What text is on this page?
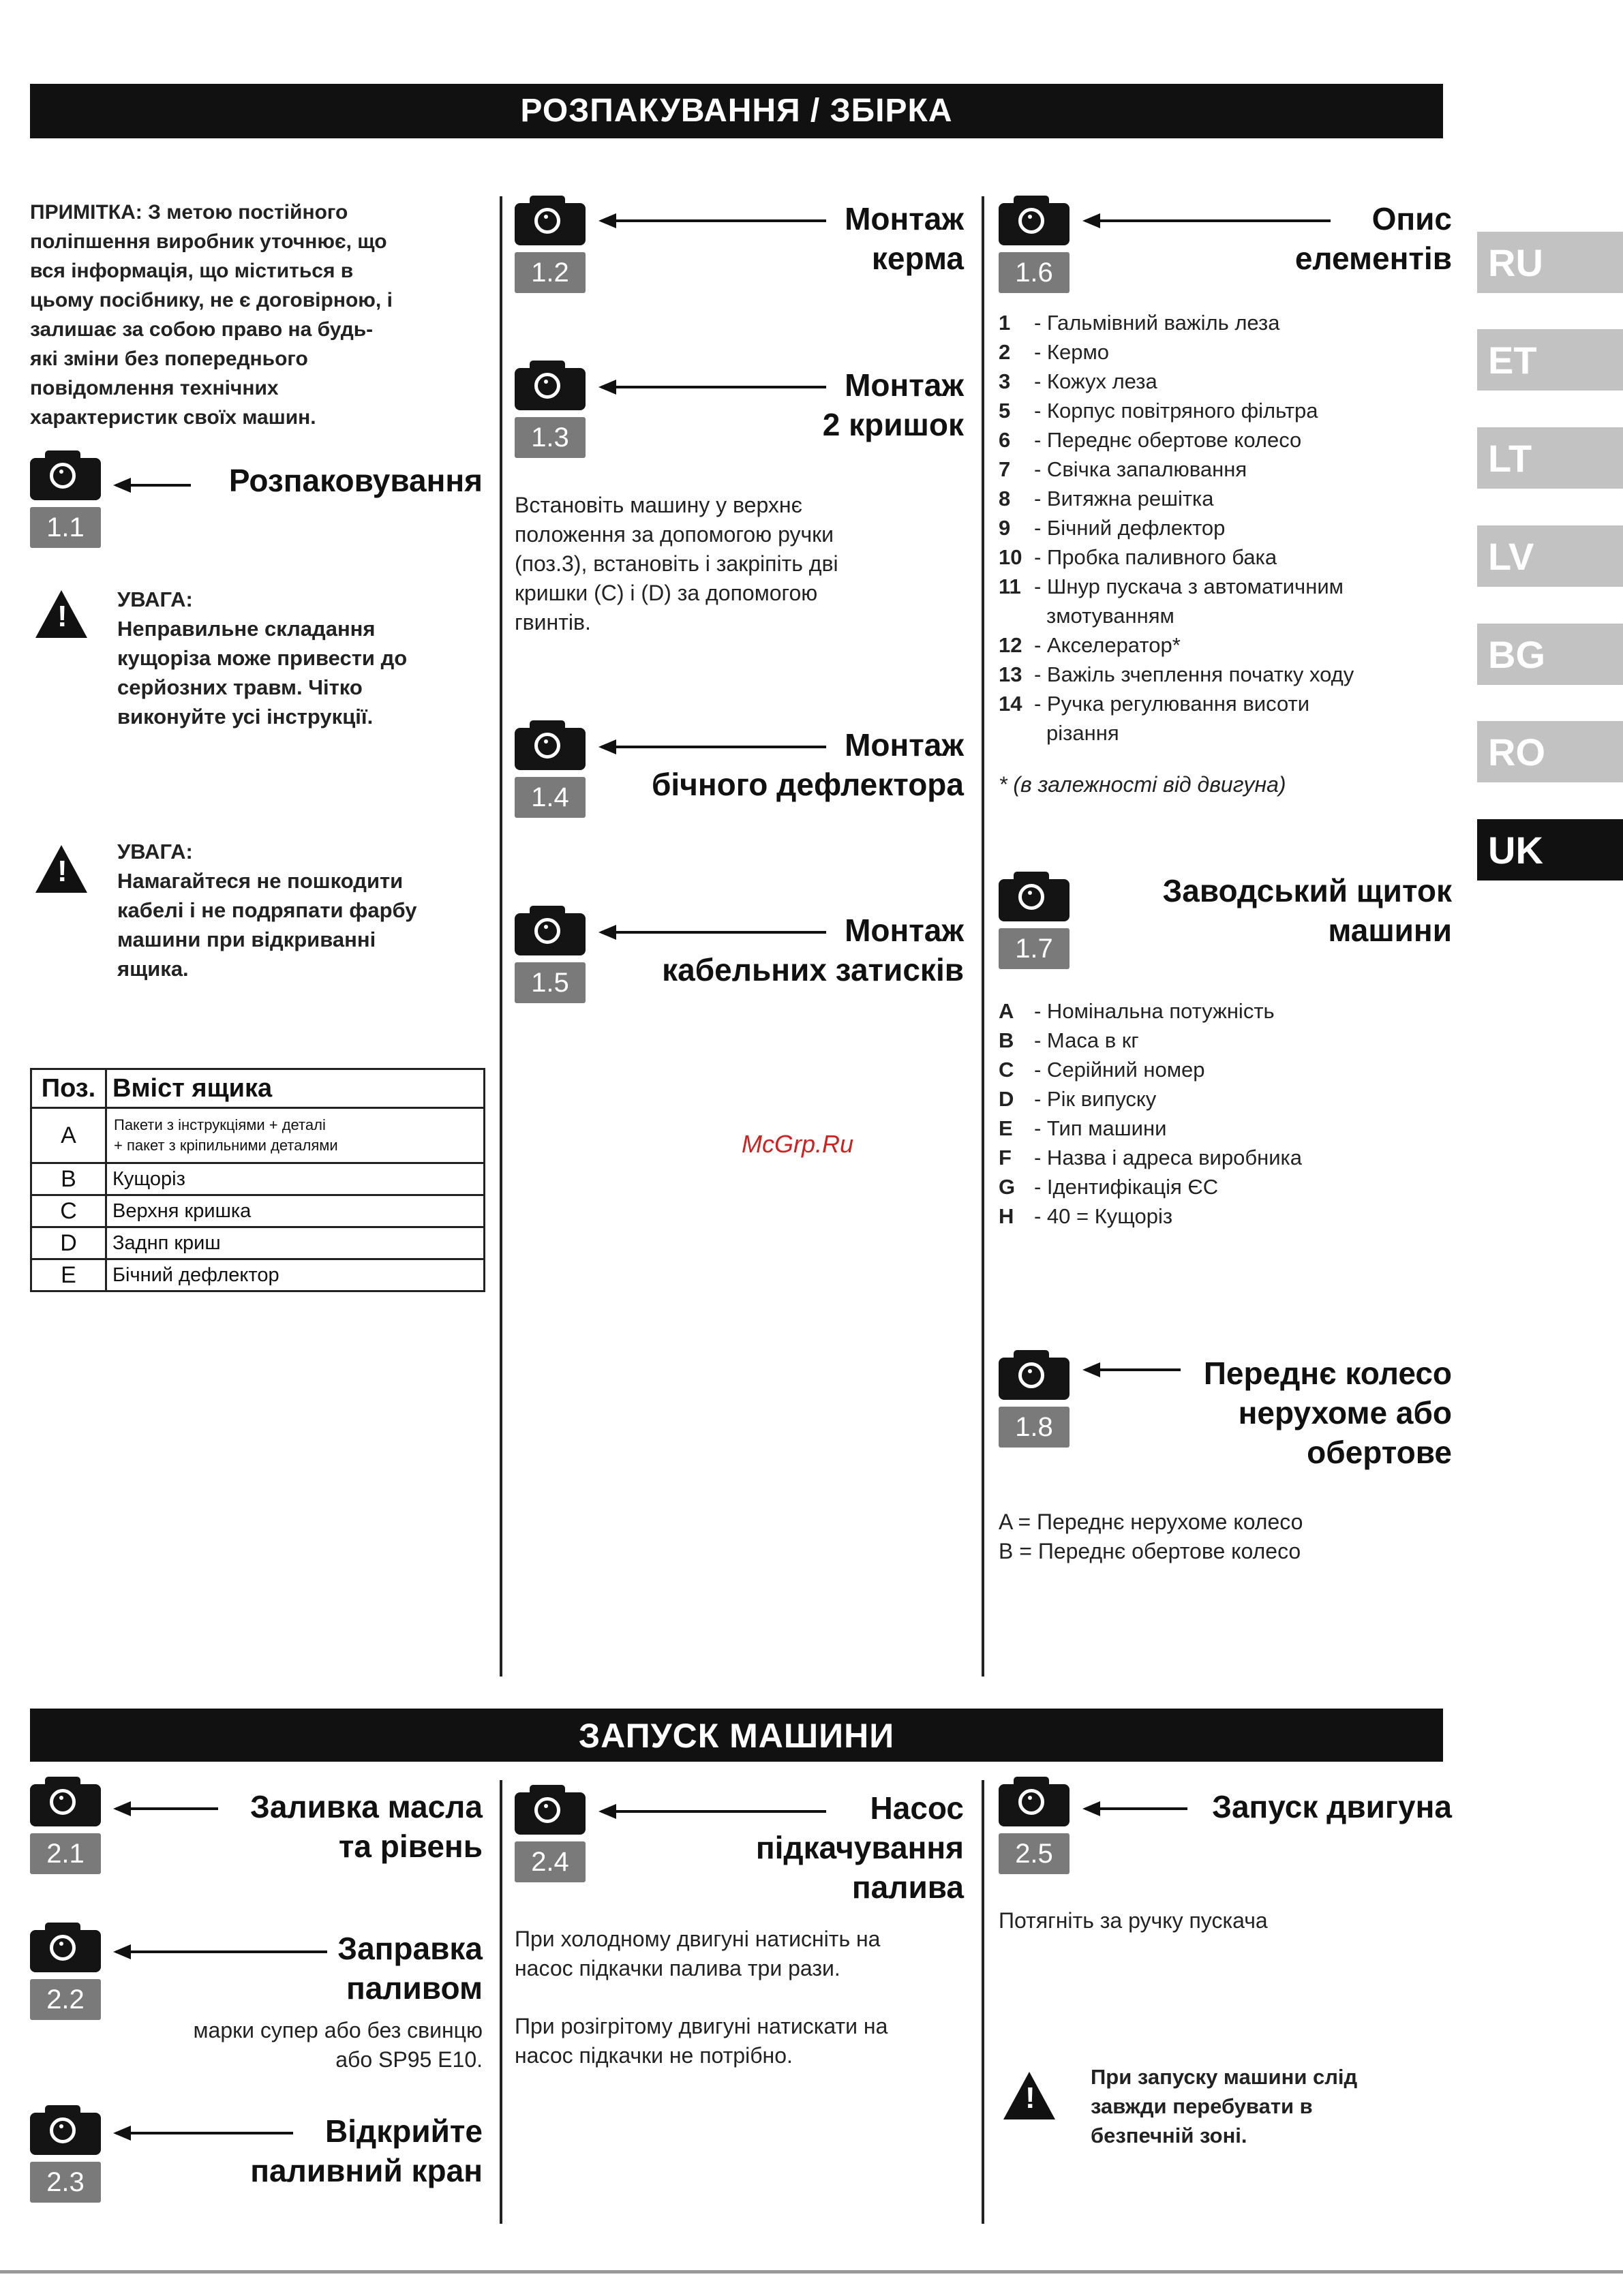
РОЗПАКУВАННЯ / ЗБІРКА
ЗАПУСК МАШИНИ
ПРИМІТКА: З метою постійного
поліпшення виробник уточнює, що
вся інформація, що міститься в
цьому посібнику, не є договірною, і
залишає за собою право на будь-
які зміни без попереднього
повідомлення технічних
характеристик своїх машин.
1.1
Розпаковування
!
УВАГА:
Неправильне складання
кущоріза може привести до
серйозних травм. Чітко
виконуйте усі інструкції.
!
УВАГА:
Намагайтеся не пошкодити
кабелі і не подряпати фарбу
машини при відкриванні
ящика.
Поз.	Вміст ящика
A	Пакети з інструкціями + деталі
+ пакет з кріпильними деталями

B	Кущоріз
C	Верхня кришка
D	Заднп криш
E	Бічний дефлектор
1.2
Монтаж
керма
1.3
Монтаж
2 кришок
Встановіть машину у верхнє
положення за допомогою ручки
(поз.3), встановіть і закріпіть дві
кришки (C) і (D) за допомогою
гвинтів.
1.4
Монтаж
бічного дефлектора
1.5
Монтаж
кабельних затисків
McGrp.Ru
1.6
Опис
елементів
1	- Гальмівний важіль леза
2	- Кермо
3	- Кожух леза
5	- Корпус повітряного фільтра
6	- Переднє обертове колесо
7	- Свічка запалювання
8	- Витяжна решітка
9	- Бічний дефлектор
10 - Пробка паливного бака
11 - Шнур пускача з автоматичним
змотуванням
12 - Акселератор*
13 - Важіль зчеплення початку ходу
14 - Ручка регулювання висоти
різання
* (в залежності від двигуна)
1.7
Заводський щиток
машини
A - Номінальна потужність
B - Маса в кг
C - Серійний номер
D - Рік випуску
E	- Тип машини
F	- Назва і адреса виробника
G - Ідентифікація ЄС
H - 40 = Кущоріз
1.8
Переднє колесо
нерухоме або
обертове
A = Переднє нерухоме колесо
B = Переднє обертове колесо
2.1
Заливка масла
та рівень
2.2
Заправка
паливом
марки супер або без свинцю
або SP95 E10.
2.3
Відкрийте
паливний кран
2.4
Насос
підкачування
палива
При холодному двигуні натисніть на
насос підкачки палива три рази.
При розігрітому двигуні натискати на
насос підкачки не потрібно.
2.5
Запуск двигуна
Потягніть за ручку пускача
!
При запуску машини слід
завжди перебувати в
безпечній зоні.
RU
ET
LT
LV
BG
RO
UK
